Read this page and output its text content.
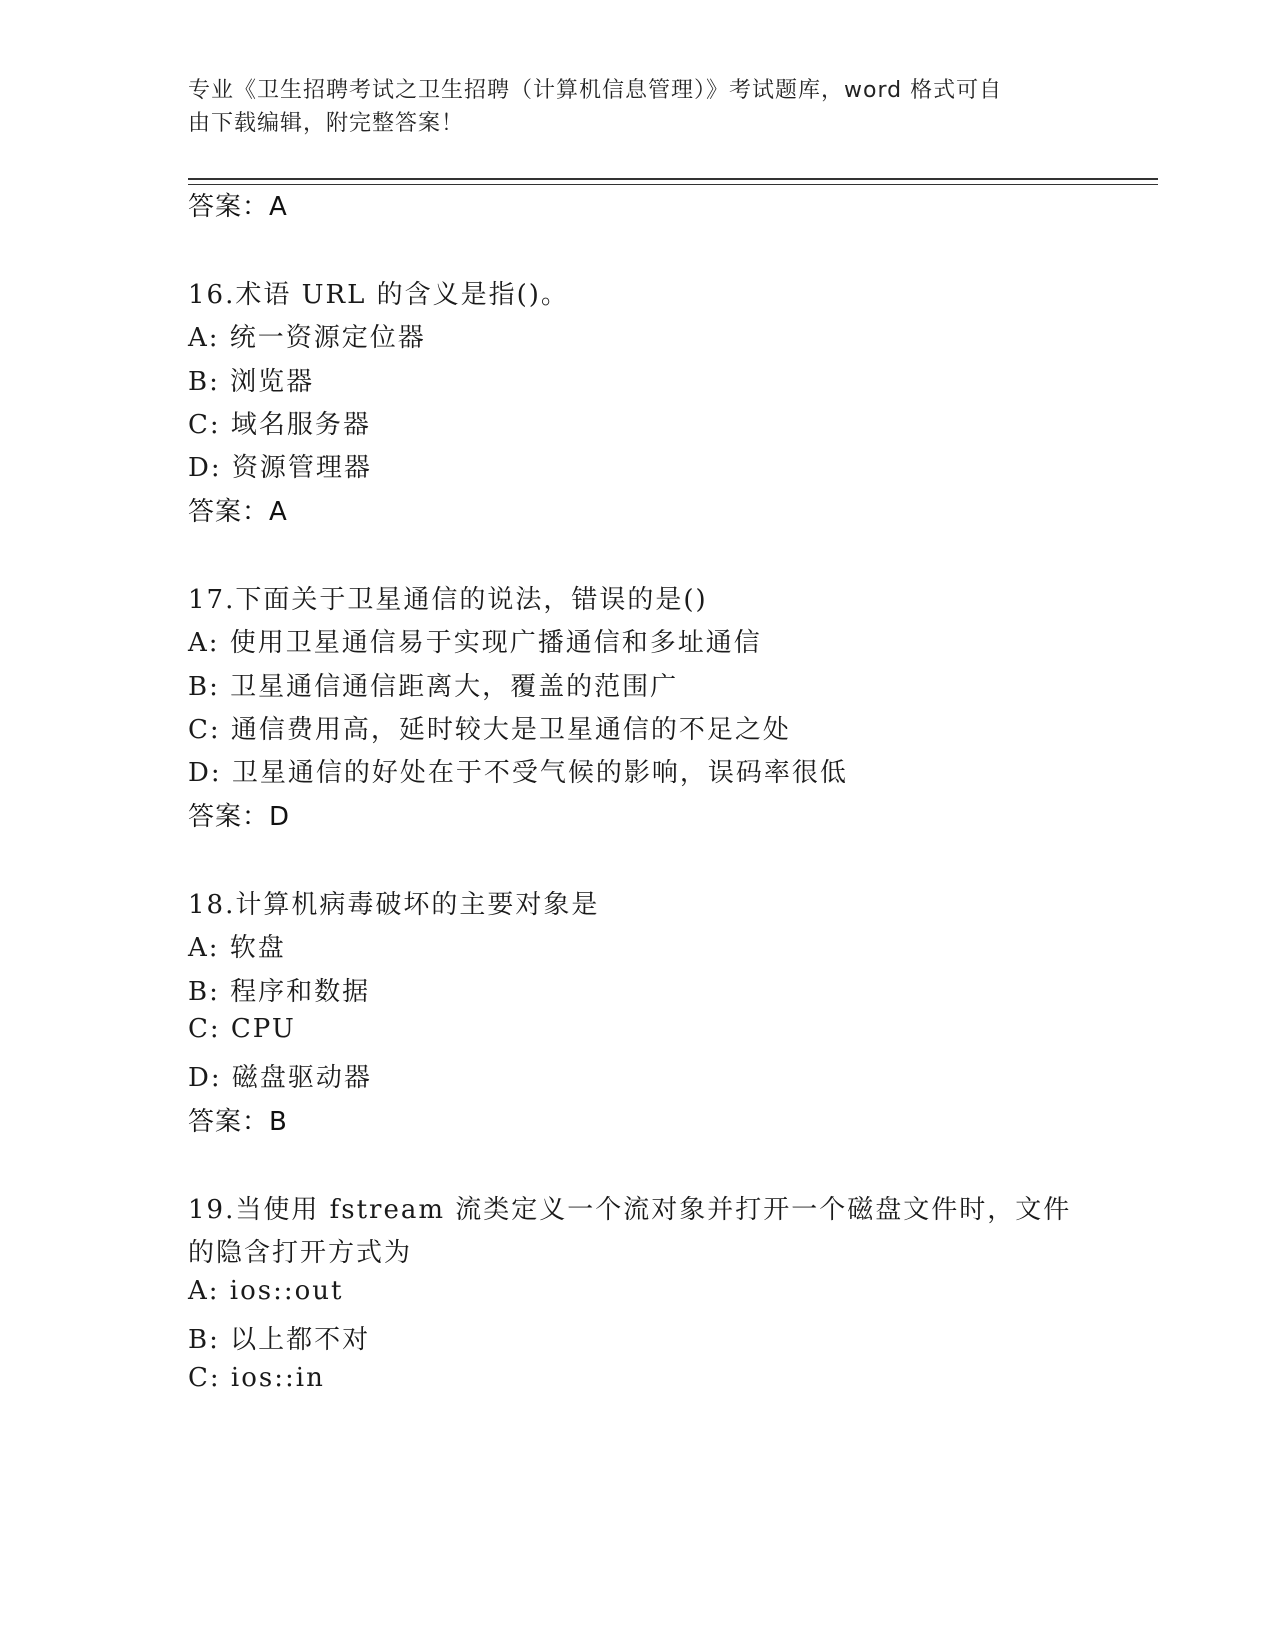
专业《卫生招聘考试之卫生招聘（计算机信息管理）》考试题库，word 格式可自
由下载编辑，附完整答案！
答案：A
16.术语 URL 的含义是指()。
A: 统一资源定位器
B: 浏览器
C: 域名服务器
D: 资源管理器
答案：A
17.下面关于卫星通信的说法，错误的是()
A: 使用卫星通信易于实现广播通信和多址通信
B: 卫星通信通信距离大，覆盖的范围广
C: 通信费用高，延时较大是卫星通信的不足之处
D: 卫星通信的好处在于不受气候的影响，误码率很低
答案：D
18.计算机病毒破坏的主要对象是
A: 软盘
B: 程序和数据
C: CPU
D: 磁盘驱动器
答案：B
19.当使用 fstream 流类定义一个流对象并打开一个磁盘文件时，文件
的隐含打开方式为
A: ios::out
B: 以上都不对
C: ios::in
